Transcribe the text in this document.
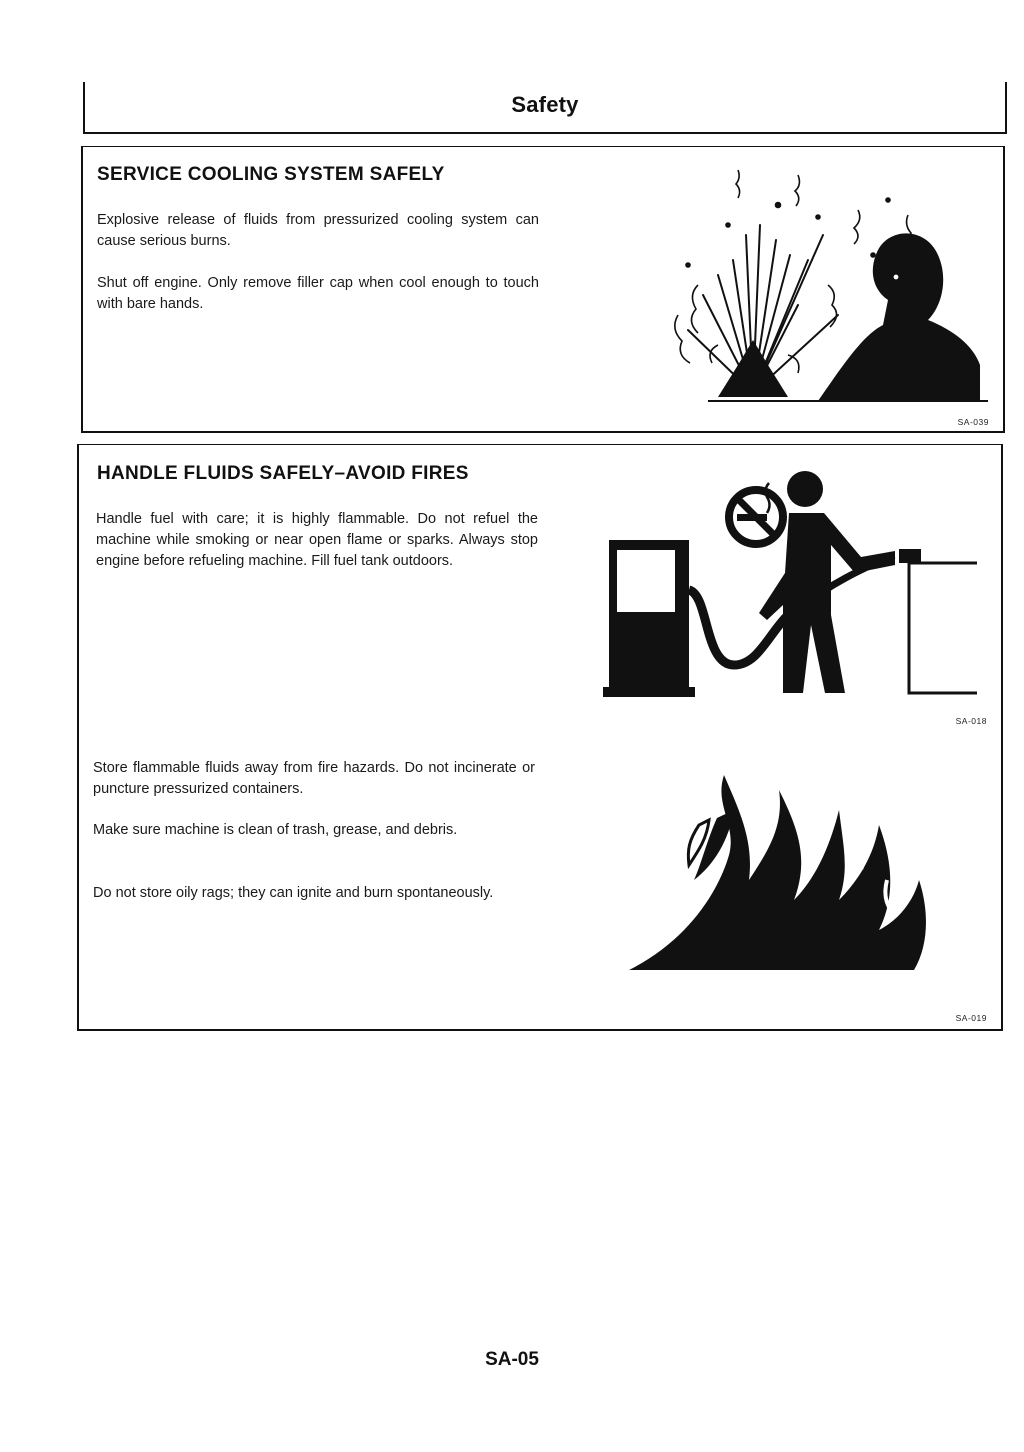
Safety
SERVICE COOLING SYSTEM SAFELY

Explosive release of fluids from pressurized cooling system can cause serious burns.

Shut off engine. Only remove filler cap when cool enough to touch with bare hands.

SA-039
HANDLE FLUIDS SAFELY–AVOID FIRES

Handle fuel with care; it is highly flammable. Do not refuel the machine while smoking or near open flame or sparks. Always stop engine before refueling machine. Fill fuel tank outdoors.

Store flammable fluids away from fire hazards. Do not incinerate or puncture pressurized containers.

Make sure machine is clean of trash, grease, and debris.

Do not store oily rags; they can ignite and burn spontaneously.

SA-018
SA-019
SA-05
